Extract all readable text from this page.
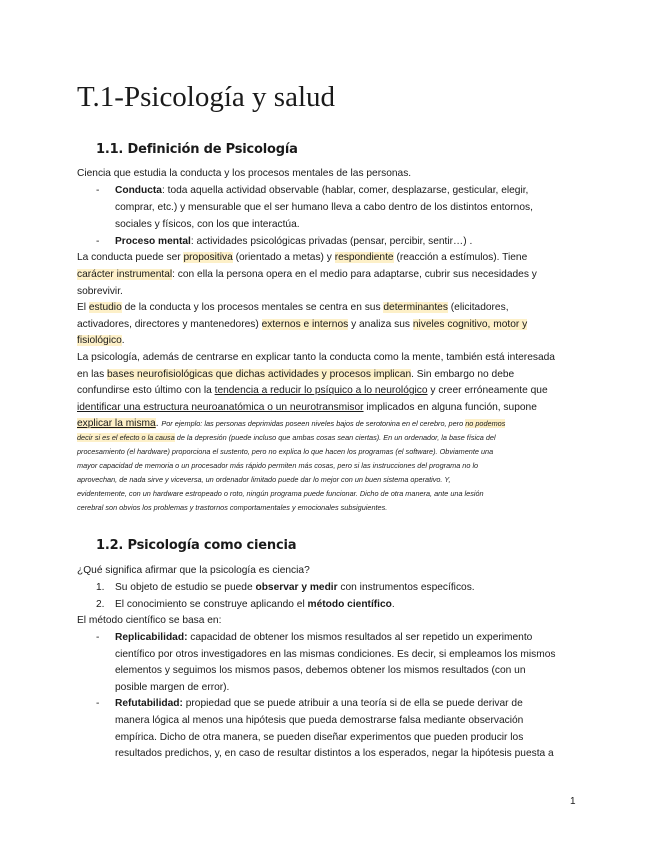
T.1-Psicología y salud
1.1. Definición de Psicología

Ciencia que estudia la conducta y los procesos mentales de las personas.

- Conducta: toda aquella actividad observable (hablar, comer, desplazarse, gesticular, elegir,

comprar, etc.) y mensurable que el ser humano lleva a cabo dentro de los distintos entornos,

sociales y físicos, con los que interactúa.

- Proceso mental: actividades psicológicas privadas (pensar, percibir, sentir…) .

La conducta puede ser propositiva (orientado a metas) y respondiente (reacción a estímulos). Tiene

carácter instrumental: con ella la persona opera en el medio para adaptarse, cubrir sus necesidades y

sobrevivir.

El estudio de la conducta y los procesos mentales se centra en sus determinantes (elicitadores,

activadores, directores y mantenedores) externos e internos y analiza sus niveles cognitivo, motor y

fisiológico.

La psicología, además de centrarse en explicar tanto la conducta como la mente, también está interesada

en las bases neurofisiológicas que dichas actividades y procesos implican. Sin embargo no debe

confundirse esto último con la tendencia a reducir lo psíquico a lo neurológico y creer erróneamente que

identificar una estructura neuroanatómica o un neurotransmisor implicados en alguna función, supone

explicar la misma. Por ejemplo: las personas deprimidas poseen niveles bajos de serotonina en el cerebro, pero no podemos

decir si es el efecto o la causa de la depresión (puede incluso que ambas cosas sean ciertas). En un ordenador, la base física del

procesamiento (el hardware) proporciona el sustento, pero no explica lo que hacen los programas (el software). Obviamente una

mayor capacidad de memoria o un procesador más rápido permiten más cosas, pero si las instrucciones del programa no lo

aprovechan, de nada sirve y viceversa, un ordenador limitado puede dar lo mejor con un buen sistema operativo. Y,

evidentemente, con un hardware estropeado o roto, ningún programa puede funcionar. Dicho de otra manera, ante una lesión

cerebral son obvios los problemas y trastornos comportamentales y emocionales subsiguientes.

1.2. Psicología como ciencia

¿Qué significa afirmar que la psicología es ciencia?

1. Su objeto de estudio se puede observar y medir con instrumentos específicos.

2. El conocimiento se construye aplicando el método científico.

El método científico se basa en:

- Replicabilidad: capacidad de obtener los mismos resultados al ser repetido un experimento

científico por otros investigadores en las mismas condiciones. Es decir, si empleamos los mismos

elementos y seguimos los mismos pasos, debemos obtener los mismos resultados (con un

posible margen de error).

- Refutabilidad: propiedad que se puede atribuir a una teoría si de ella se puede derivar de

manera lógica al menos una hipótesis que pueda demostrarse falsa mediante observación

empírica. Dicho de otra manera, se pueden diseñar experimentos que pueden producir los

resultados predichos, y, en caso de resultar distintos a los esperados, negar la hipótesis puesta a

1
